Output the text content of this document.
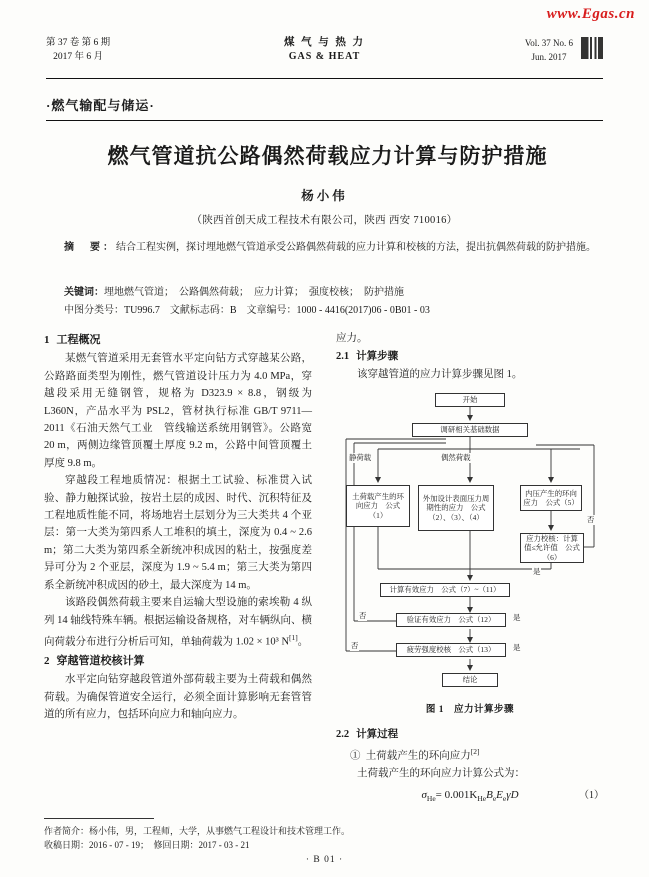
www.Egas.cn
第 37 卷 第 6 期
2017 年 6 月
煤 气 与 热 力
GAS & HEAT
Vol. 37 No. 6
Jun. 2017
·燃气输配与储运·
燃气管道抗公路偶然荷载应力计算与防护措施
杨小伟
（陕西首创天成工程技术有限公司，陕西 西安 710016）
摘　要：结合工程实例，探讨埋地燃气管道承受公路偶然荷载的应力计算和校核的方法，提出抗偶然荷载的防护措施。
关键词：埋地燃气管道；　公路偶然荷载；　应力计算；　强度校核；　防护措施
中图分类号：TU996.7 文献标志码：B 文章编号：1000 - 4416(2017)06 - 0B01 - 03
1 工程概况

某燃气管道采用无套管水平定向钻方式穿越某公路，公路路面类型为刚性，燃气管道设计压力为 4.0 MPa，穿越段采用无缝钢管，规格为 D323.9 × 8.8，钢级为 L360N，产品水平为 PSL2，管材执行标准 GB/T 9711—2011《石油天然气工业　管线输送系统用钢管》。公路宽 20 m，两侧边缘管顶覆土厚度 9.2 m，公路中间管顶覆土厚度 9.8 m。

穿越段工程地质情况：根据土工试验、标准贯入试验、静力触探试验，按岩土层的成因、时代、沉积特征及工程地质性能不同，将场地岩土层划分为三大类共 4 个亚层：第一大类为第四系人工堆积的填土，深度为 0.4 ~ 2.6 m；第二大类为第四系全新统冲积成因的粘土，按强度差异可分为 2 个亚层，深度为 1.9 ~ 5.4 m；第三大类为第四系全新统冲积成因的砂土，最大深度为 14 m。

该路段偶然荷载主要来自运输大型设施的索埃勒 4 纵列 14 轴线特殊车辆。根据运输设备规格，对车辆纵向、横向荷载分布进行分析后可知，单轴荷载为 1.02 × 10³ N[1]。

2 穿越管道校核计算

水平定向钻穿越段管道外部荷载主要为土荷载和偶然荷载。为确保管道安全运行，必须全面计算影响无套管管道的所有应力，包括环向应力和轴向应力。

应力。

2.1 计算步骤

该穿越管道的应力计算步骤见图 1。

开始
调研相关基础数据
静荷载	偶然荷载
土荷载产生的环向应力　公式（1）
外加设计表面压力周期性的应力　公式（2）、（3）、（4）
内压产生的环向应力　公式（5）
应力校核：计算值≤允许值　公式（6）
计算有效应力　公式（7）~（11）
验证有效应力　公式（12）
疲劳强度校核　公式（13）
结论
否
是
否	是
否	是
图 1　应力计算步骤
2.2 计算过程

① 土荷载产生的环向应力[2]

土荷载产生的环向应力计算公式为：

$\sigma_{He}= 0.001K_{He}B_eE_e\gamma D$	（1）
作者简介：杨小伟，男，工程师，大学，从事燃气工程设计和技术管理工作。
收稿日期：2016 - 07 - 19；　修回日期：2017 - 03 - 21
· B 01 ·
